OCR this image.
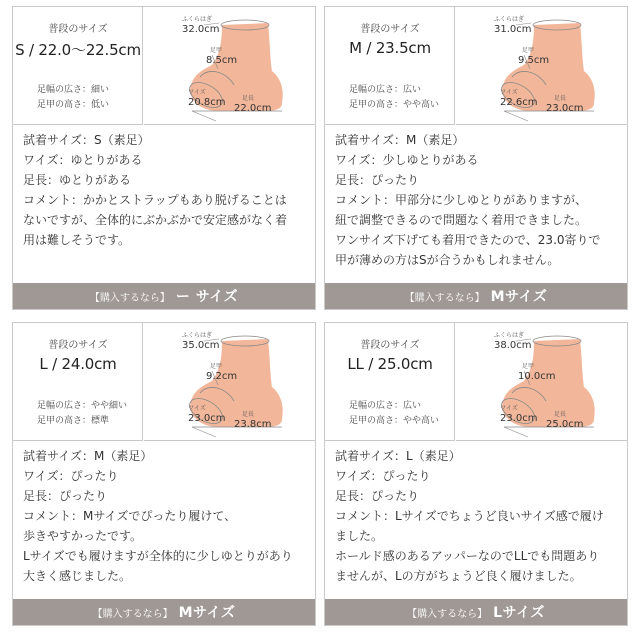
普段のサイズ
S / 22.0〜22.5cm
足幅の広さ：細い
足甲の高さ：低い
ふくらはぎ
32.0cm
足甲
8.5cm
ワイズ
20.8cm	足長
22.0cm

試着サイズ：S（素足）

ワイズ：ゆとりがある

足長：ゆとりがある

コメント：かかとストラップもあり脱げることは
ないですが、全体的にぶかぶかで安定感がなく着
用は難しそうです。

【購入するなら】 ー サイズ
普段のサイズ
M / 23.5cm
足幅の広さ：広い
足甲の高さ：やや高い
ふくらはぎ
31.0cm
足甲
9.5cm
ワイズ
22.6cm	足長
23.0cm

試着サイズ：M（素足）

ワイズ：少しゆとりがある

足長：ぴったり

コメント：甲部分に少しゆとりがありますが、
紐で調整できるので問題なく着用できました。
ワンサイズ下げても着用できたので、23.0寄りで
甲が薄めの方はSが合うかもしれません。

【購入するなら】 Mサイズ
普段のサイズ
L / 24.0cm
足幅の広さ：やや細い
足甲の高さ：標準
ふくらはぎ
35.0cm
足甲
9.2cm
ワイズ
23.0cm	足長
23.8cm

試着サイズ：M（素足）

ワイズ：ぴったり

足長：ぴったり

コメント：Mサイズでぴったり履けて、
歩きやすかったです。
Lサイズでも履けますが全体的に少しゆとりがあり
大きく感じました。

【購入するなら】 Mサイズ
普段のサイズ
LL / 25.0cm
足幅の広さ：広い
足甲の高さ：やや高い
ふくらはぎ
38.0cm
足甲
10.0cm
ワイズ
23.0cm	足長
25.0cm

試着サイズ：L（素足）

ワイズ：ぴったり

足長：ぴったり

コメント：Lサイズでちょうど良いサイズ感で履け
ました。
ホールド感のあるアッパーなのでLLでも問題あり
ませんが、Lの方がちょうど良く履けました。

【購入するなら】 Lサイズ
